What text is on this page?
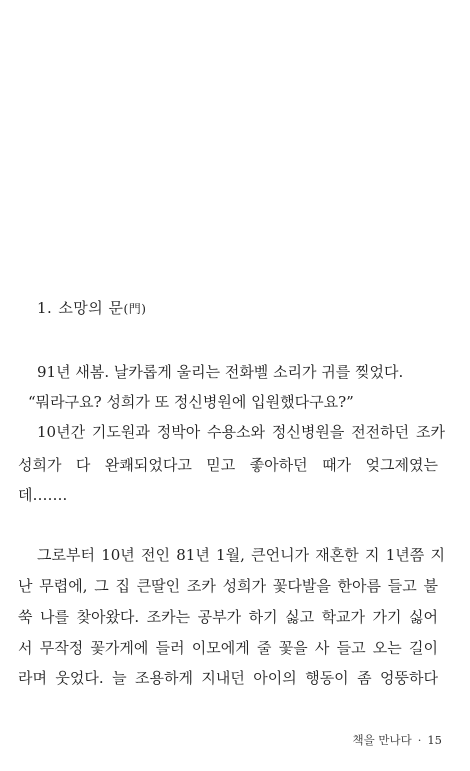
1. 소망의 문(門)
91년 새봄. 날카롭게 울리는 전화벨 소리가 귀를 찢었다.
“뭐라구요? 성희가 또 정신병원에 입원했다구요?”
10년간 기도원과 정박아 수용소와 정신병원을 전전하던 조카
성희가 다 완쾌되었다고 믿고 좋아하던 때가 엊그제였는
데…….
그로부터 10년 전인 81년 1월, 큰언니가 재혼한 지 1년쯤 지
난 무렵에, 그 집 큰딸인 조카 성희가 꽃다발을 한아름 들고 불
쑥 나를 찾아왔다. 조카는 공부가 하기 싫고 학교가 가기 싫어
서 무작정 꽃가게에 들러 이모에게 줄 꽃을 사 들고 오는 길이
라며 웃었다. 늘 조용하게 지내던 아이의 행동이 좀 엉뚱하다
책을 만나다 · 15
